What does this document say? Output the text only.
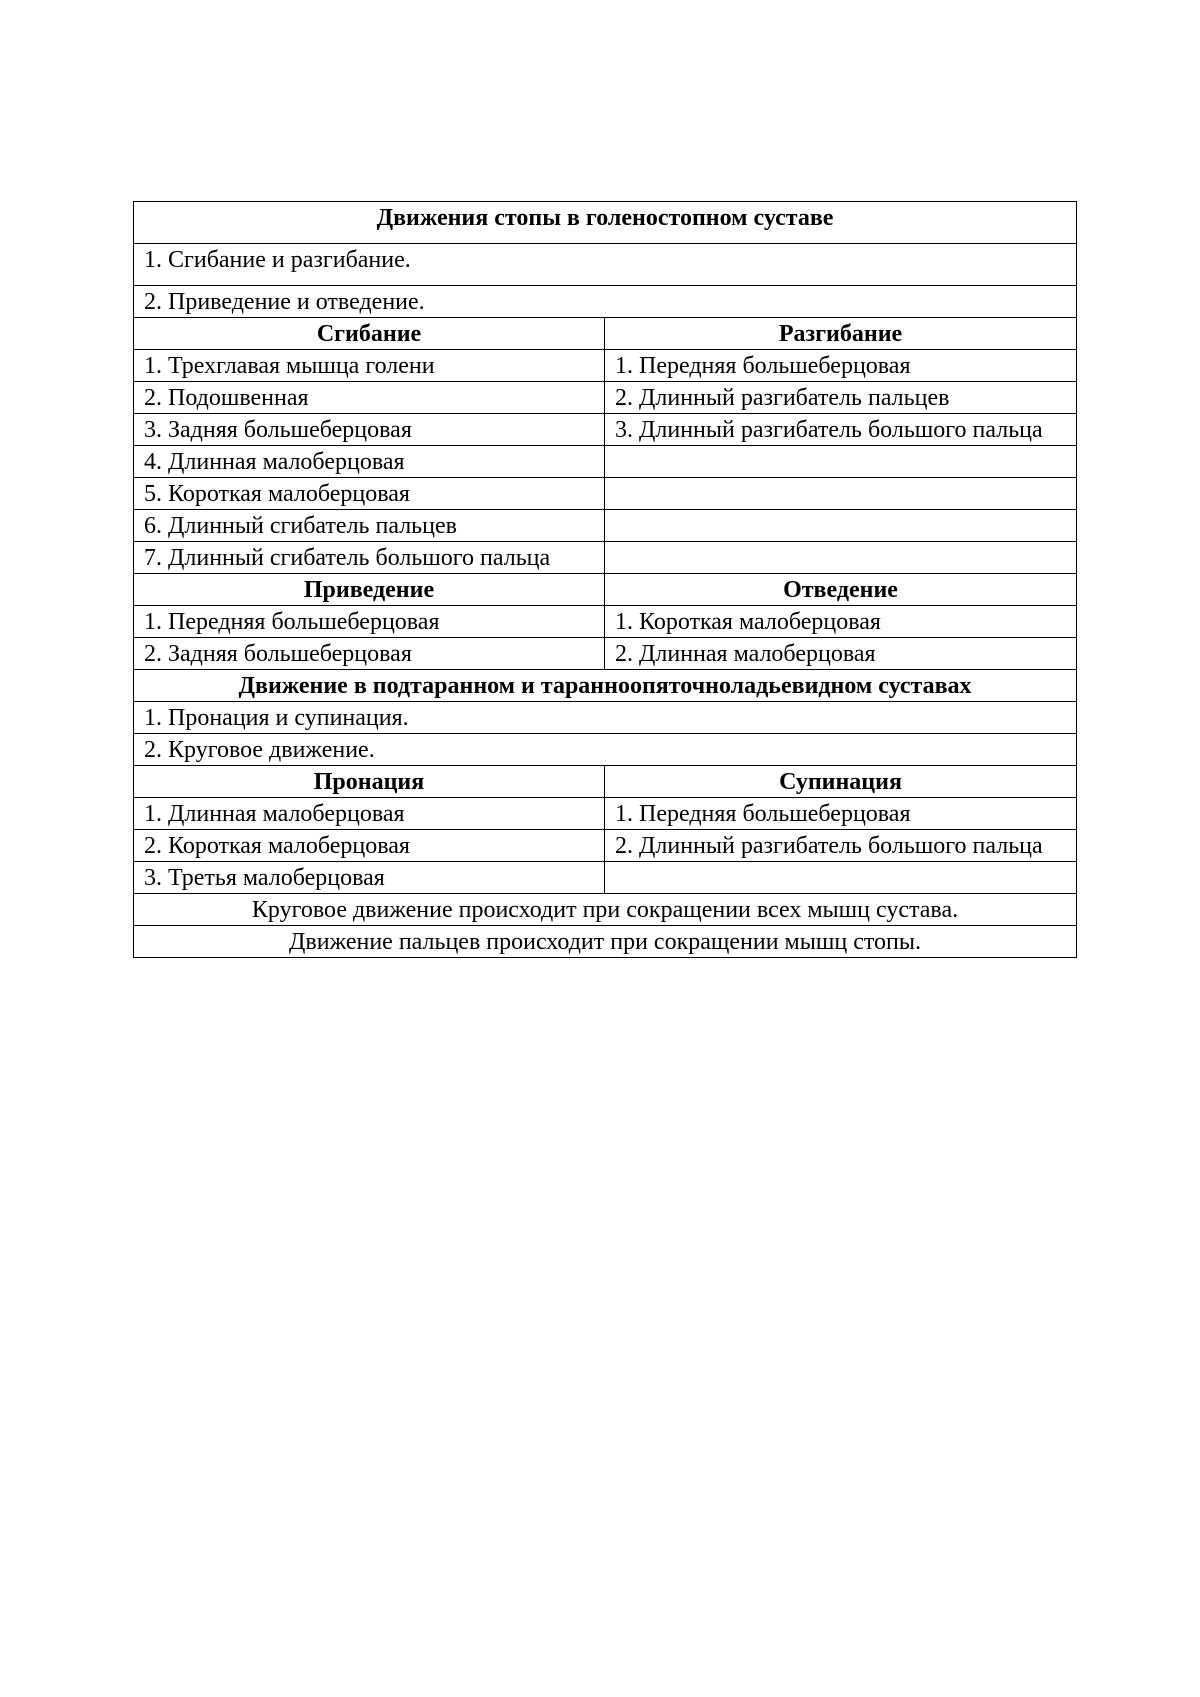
Движения стопы в голеностопном суставе	
1. Сгибание и разгибание.	
2. Приведение и отведение.	
Сгибание	Разгибание

1. Трехглавая мышца голени	1. Передняя большеберцовая

2. Подошвенная	2. Длинный разгибатель пальцев

3. Задняя большеберцовая	3. Длинный разгибатель большого пальца

4. Длинная малоберцовая	

5. Короткая малоберцовая	

6. Длинный сгибатель пальцев	

7. Длинный сгибатель большого пальца	

Приведение	Отведение

1. Передняя большеберцовая	1. Короткая малоберцовая

2. Задняя большеберцовая	2. Длинная малоберцовая

Движение в подтаранном и таранноопяточноладьевидном суставах	
1. Пронация и супинация.	
2. Круговое движение.	
Пронация	Супинация

1. Длинная малоберцовая	1. Передняя большеберцовая

2. Короткая малоберцовая	2. Длинный разгибатель большого пальца

3. Третья малоберцовая	

Круговое движение происходит при сокращении всех мышц сустава.	
Движение пальцев происходит при сокращении мышц стопы.	
